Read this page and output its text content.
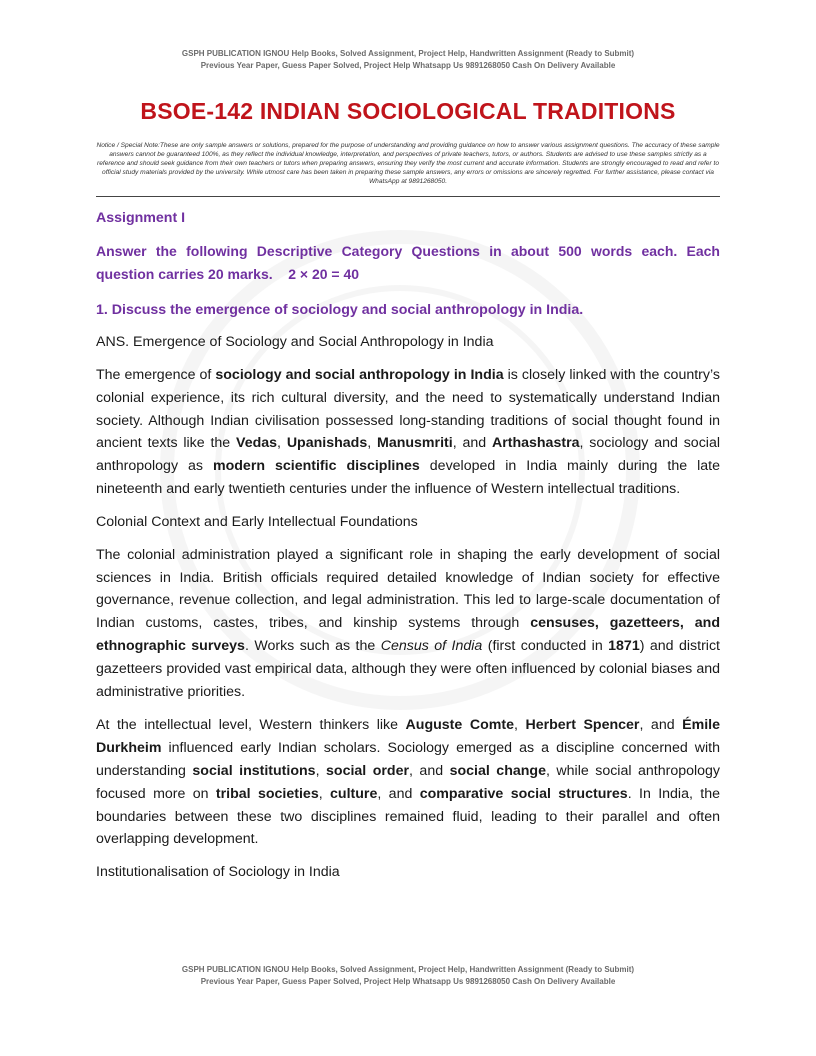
GSPH PUBLICATION IGNOU Help Books, Solved Assignment, Project Help, Handwritten Assignment (Ready to Submit)
Previous Year Paper, Guess Paper Solved, Project Help Whatsapp Us 9891268050 Cash On Delivery Available
BSOE-142 INDIAN SOCIOLOGICAL TRADITIONS
Notice / Special Note:These are only sample answers or solutions, prepared for the purpose of understanding and providing guidance on how to answer various assignment questions. The accuracy of these sample answers cannot be guaranteed 100%, as they reflect the individual knowledge, interpretation, and perspectives of private teachers, tutors, or authors. Students are advised to use these samples strictly as a reference and should seek guidance from their own teachers or tutors when preparing answers, ensuring they verify the most current and accurate information. Students are strongly encouraged to read and refer to official study materials provided by the university. While utmost care has been taken in preparing these sample answers, any errors or omissions are sincerely regretted. For further assistance, please contact via WhatsApp at 9891268050.

Assignment I

Answer the following Descriptive Category Questions in about 500 words each. Each question carries 20 marks. 2 × 20 = 40

1. Discuss the emergence of sociology and social anthropology in India.

ANS. Emergence of Sociology and Social Anthropology in India

The emergence of sociology and social anthropology in India is closely linked with the country’s colonial experience, its rich cultural diversity, and the need to systematically understand Indian society. Although Indian civilisation possessed long-standing traditions of social thought found in ancient texts like the Vedas, Upanishads, Manusmriti, and Arthashastra, sociology and social anthropology as modern scientific disciplines developed in India mainly during the late nineteenth and early twentieth centuries under the influence of Western intellectual traditions.

Colonial Context and Early Intellectual Foundations

The colonial administration played a significant role in shaping the early development of social sciences in India. British officials required detailed knowledge of Indian society for effective governance, revenue collection, and legal administration. This led to large-scale documentation of Indian customs, castes, tribes, and kinship systems through censuses, gazetteers, and ethnographic surveys. Works such as the Census of India (first conducted in 1871) and district gazetteers provided vast empirical data, although they were often influenced by colonial biases and administrative priorities.

At the intellectual level, Western thinkers like Auguste Comte, Herbert Spencer, and Émile Durkheim influenced early Indian scholars. Sociology emerged as a discipline concerned with understanding social institutions, social order, and social change, while social anthropology focused more on tribal societies, culture, and comparative social structures. In India, the boundaries between these two disciplines remained fluid, leading to their parallel and often overlapping development.

Institutionalisation of Sociology in India

GSPH PUBLICATION IGNOU Help Books, Solved Assignment, Project Help, Handwritten Assignment (Ready to Submit)
Previous Year Paper, Guess Paper Solved, Project Help Whatsapp Us 9891268050 Cash On Delivery Available
